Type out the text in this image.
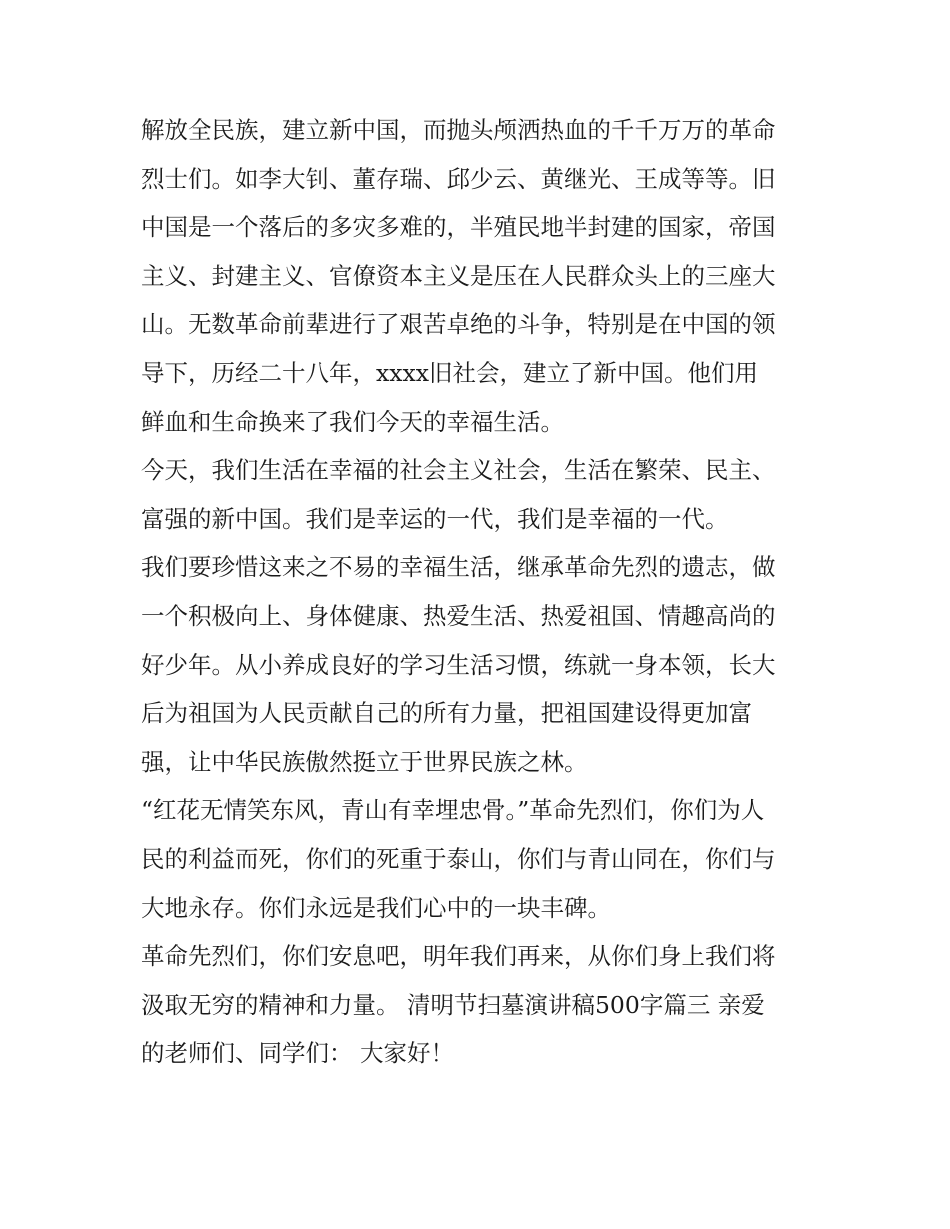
解放全民族，建立新中国，而抛头颅洒热血的千千万万的革命
烈士们。如李大钊、董存瑞、邱少云、黄继光、王成等等。旧
中国是一个落后的多灾多难的，半殖民地半封建的国家，帝国
主义、封建主义、官僚资本主义是压在人民群众头上的三座大
山。无数革命前辈进行了艰苦卓绝的斗争，特别是在中国的领
导下，历经二十八年，xxxx旧社会，建立了新中国。他们用
鲜血和生命换来了我们今天的幸福生活。
今天，我们生活在幸福的社会主义社会，生活在繁荣、民主、
富强的新中国。我们是幸运的一代，我们是幸福的一代。
我们要珍惜这来之不易的幸福生活，继承革命先烈的遗志，做
一个积极向上、身体健康、热爱生活、热爱祖国、情趣高尚的
好少年。从小养成良好的学习生活习惯，练就一身本领，长大
后为祖国为人民贡献自己的所有力量，把祖国建设得更加富
强，让中华民族傲然挺立于世界民族之林。
“红花无情笑东风，青山有幸埋忠骨。”革命先烈们，你们为人
民的利益而死，你们的死重于泰山，你们与青山同在，你们与
大地永存。你们永远是我们心中的一块丰碑。
革命先烈们，你们安息吧，明年我们再来，从你们身上我们将
汲取无穷的精神和力量。 清明节扫墓演讲稿500字篇三 亲爱
的老师们、同学们： 大家好！
